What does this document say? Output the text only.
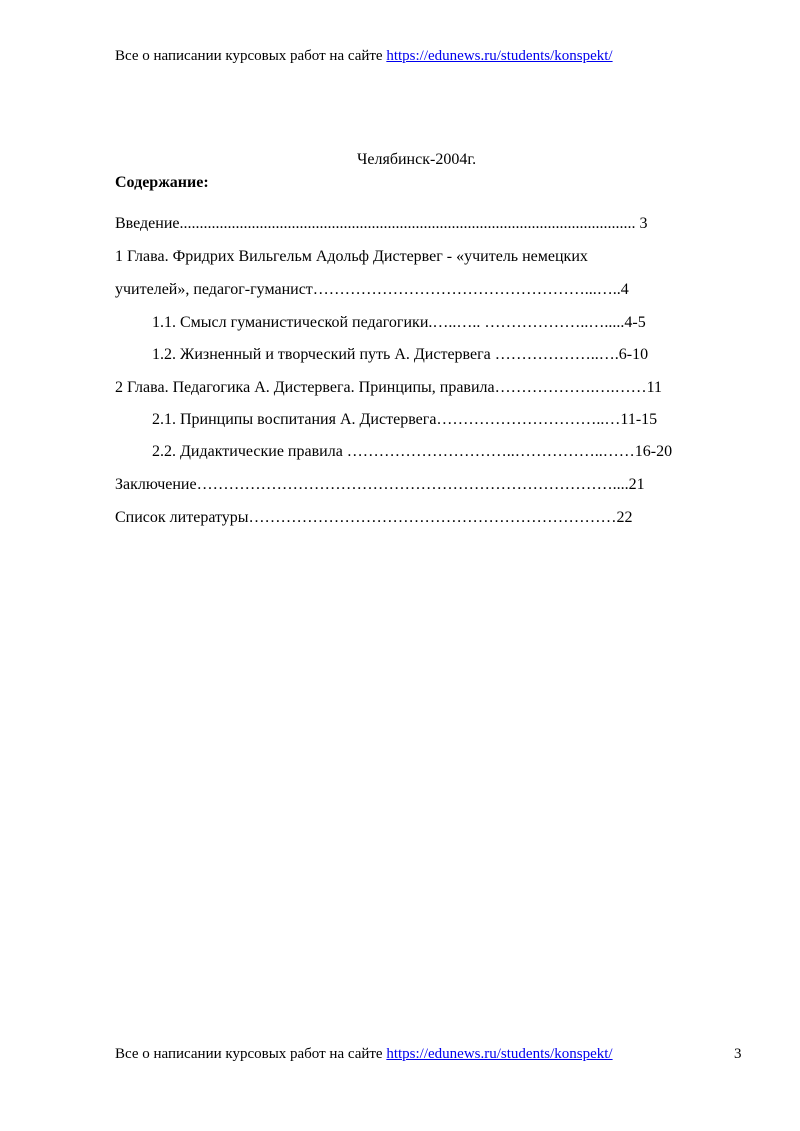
Все о написании курсовых работ на сайте https://edunews.ru/students/konspekt/
Челябинск-2004г.
Содержание:
Введение.................................................................................................................. 3
1 Глава. Фридрих Вильгельм Адольф Дистервег - «учитель немецких
учителей», педагог-гуманист……………………………………………...…..4
1.1. Смысл гуманистической педагогики.…..….. ………………..….....4-5
1.2. Жизненный и творческий путь А. Дистервега ………………..….6-10
2 Глава. Педагогика А. Дистервега. Принципы, правила……………….….……11
2.1. Принципы воспитания А. Дистервега…………………………..…11-15
2.2. Дидактические правила …………………………..……………..……16-20
Заключение……………………………………………………………………....21
Список литературы……………………………………………………………22
Все о написании курсовых работ на сайте https://edunews.ru/students/konspekt/	3
